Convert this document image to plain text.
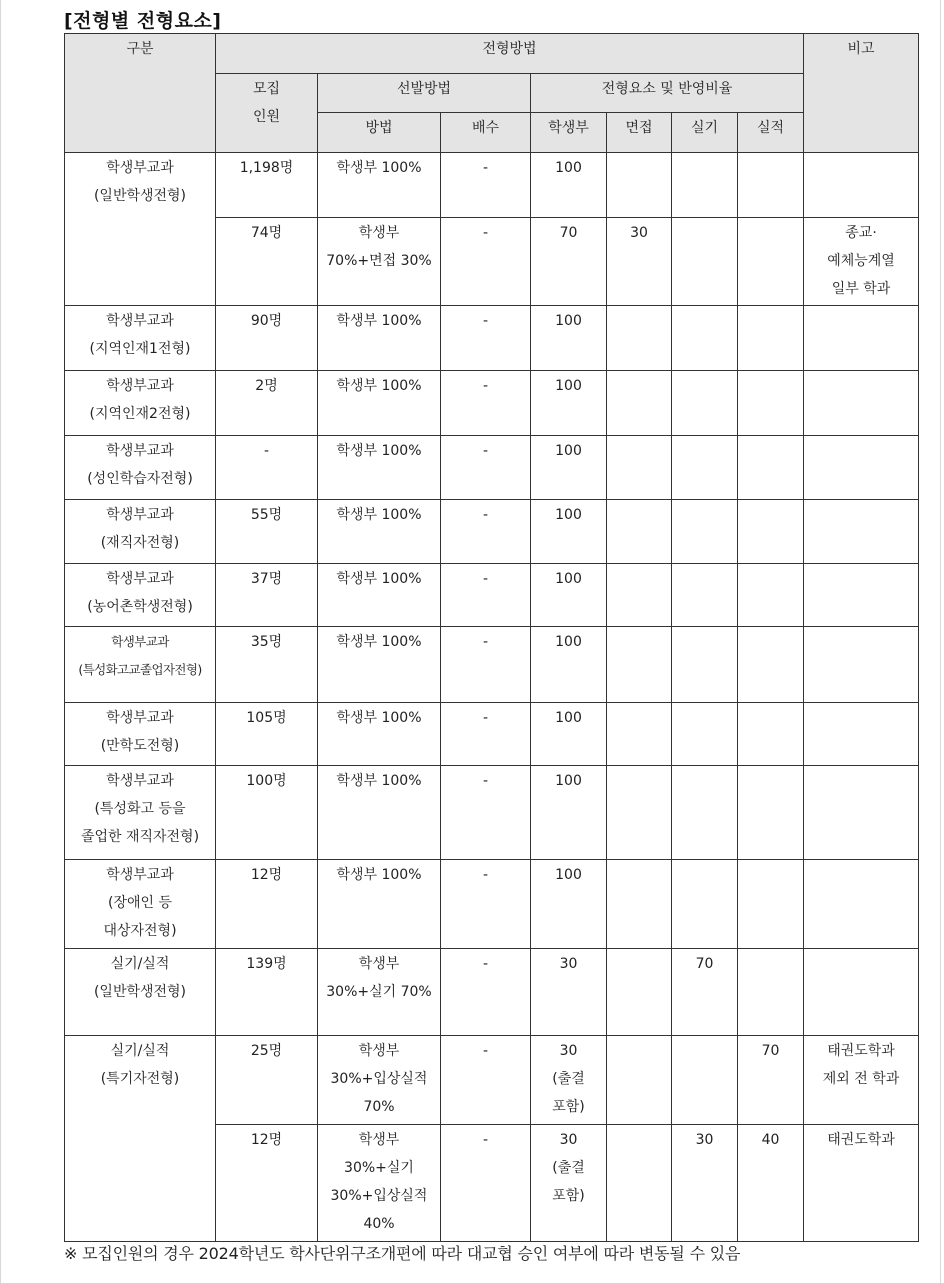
[전형별 전형요소]
구분	전형방법							비고

	모집
인원	선발방법		전형요소 및 반영비율				
		방법	배수	학생부	면접	실기	실적	

학생부교과
(일반학생전형)	1,198명	학생부 100%	-	100				

	74명	학생부
70%+면접 30%	-	70	30			종교·
예체능계열
일부 학과

학생부교과
(지역인재1전형)	90명	학생부 100%	-	100				

학생부교과
(지역인재2전형)	2명	학생부 100%	-	100				

학생부교과
(성인학습자전형)	-	학생부 100%	-	100				

학생부교과
(재직자전형)	55명	학생부 100%	-	100				

학생부교과
(농어촌학생전형)	37명	학생부 100%	-	100				

학생부교과
(특성화고교졸업자전형)	35명	학생부 100%	-	100				

학생부교과
(만학도전형)	105명	학생부 100%	-	100				

학생부교과
(특성화고 등을
졸업한 재직자전형)	100명	학생부 100%	-	100				

학생부교과
(장애인 등
대상자전형)	12명	학생부 100%	-	100				

실기/실적
(일반학생전형)	139명	학생부
30%+실기 70%	-	30		70		

실기/실적
(특기자전형)	25명	학생부
30%+입상실적
70%	-	30
(출결
포함)			70	태권도학과
제외 전 학과

	12명	학생부
30%+실기
30%+입상실적
40%	-	30
(출결
포함)		30	40	태권도학과
※ 모집인원의 경우 2024학년도 학사단위구조개편에 따라 대교협 승인 여부에 따라 변동될 수 있음
